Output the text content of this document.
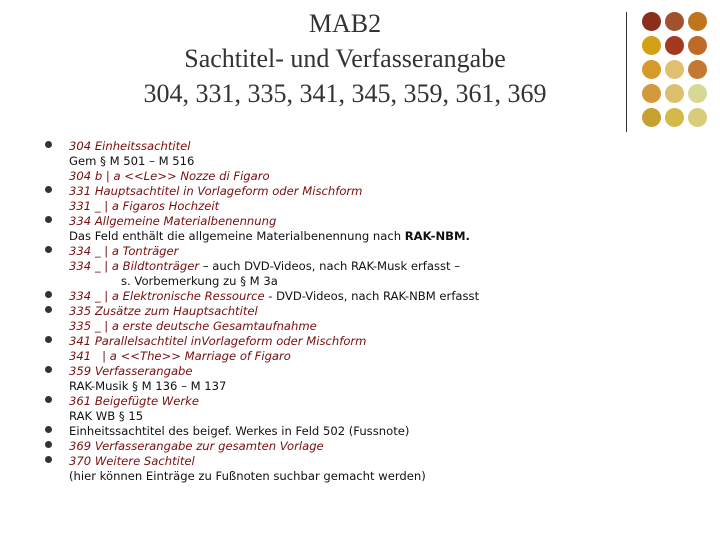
MAB2
Sachtitel- und Verfasserangabe
304, 331, 335, 341, 345, 359, 361, 369
304 Einheitssachtitel
Gem § M 501 – M 516
304 b | a <<Le>> Nozze di Figaro
331 Hauptsachtitel in Vorlageform oder Mischform
331 _ | a Figaros Hochzeit
334 Allgemeine Materialbenennung
Das Feld enthält die allgemeine Materialbenennung nach RAK-NBM.
334 _ | a Tonträger
334 _ | a Bildtonträger – auch DVD-Videos, nach RAK-Musk erfasst –
s. Vorbemerkung zu § M 3a
334 _ | a Elektronische Ressource - DVD-Videos, nach RAK-NBM erfasst
335 Zusätze zum Hauptsachtitel
335 _ | a erste deutsche Gesamtaufnahme
341 Parallelsachtitel inVorlageform oder Mischform
341   | a <<The>> Marriage of Figaro
359 Verfasserangabe
RAK-Musik § M 136 – M 137
361 Beigefügte Werke
RAK WB § 15
Einheitssachtitel des beigef. Werkes in Feld 502 (Fussnote)
369 Verfasserangabe zur gesamten Vorlage
370 Weitere Sachtitel
(hier können Einträge zu Fußnoten suchbar gemacht werden)
